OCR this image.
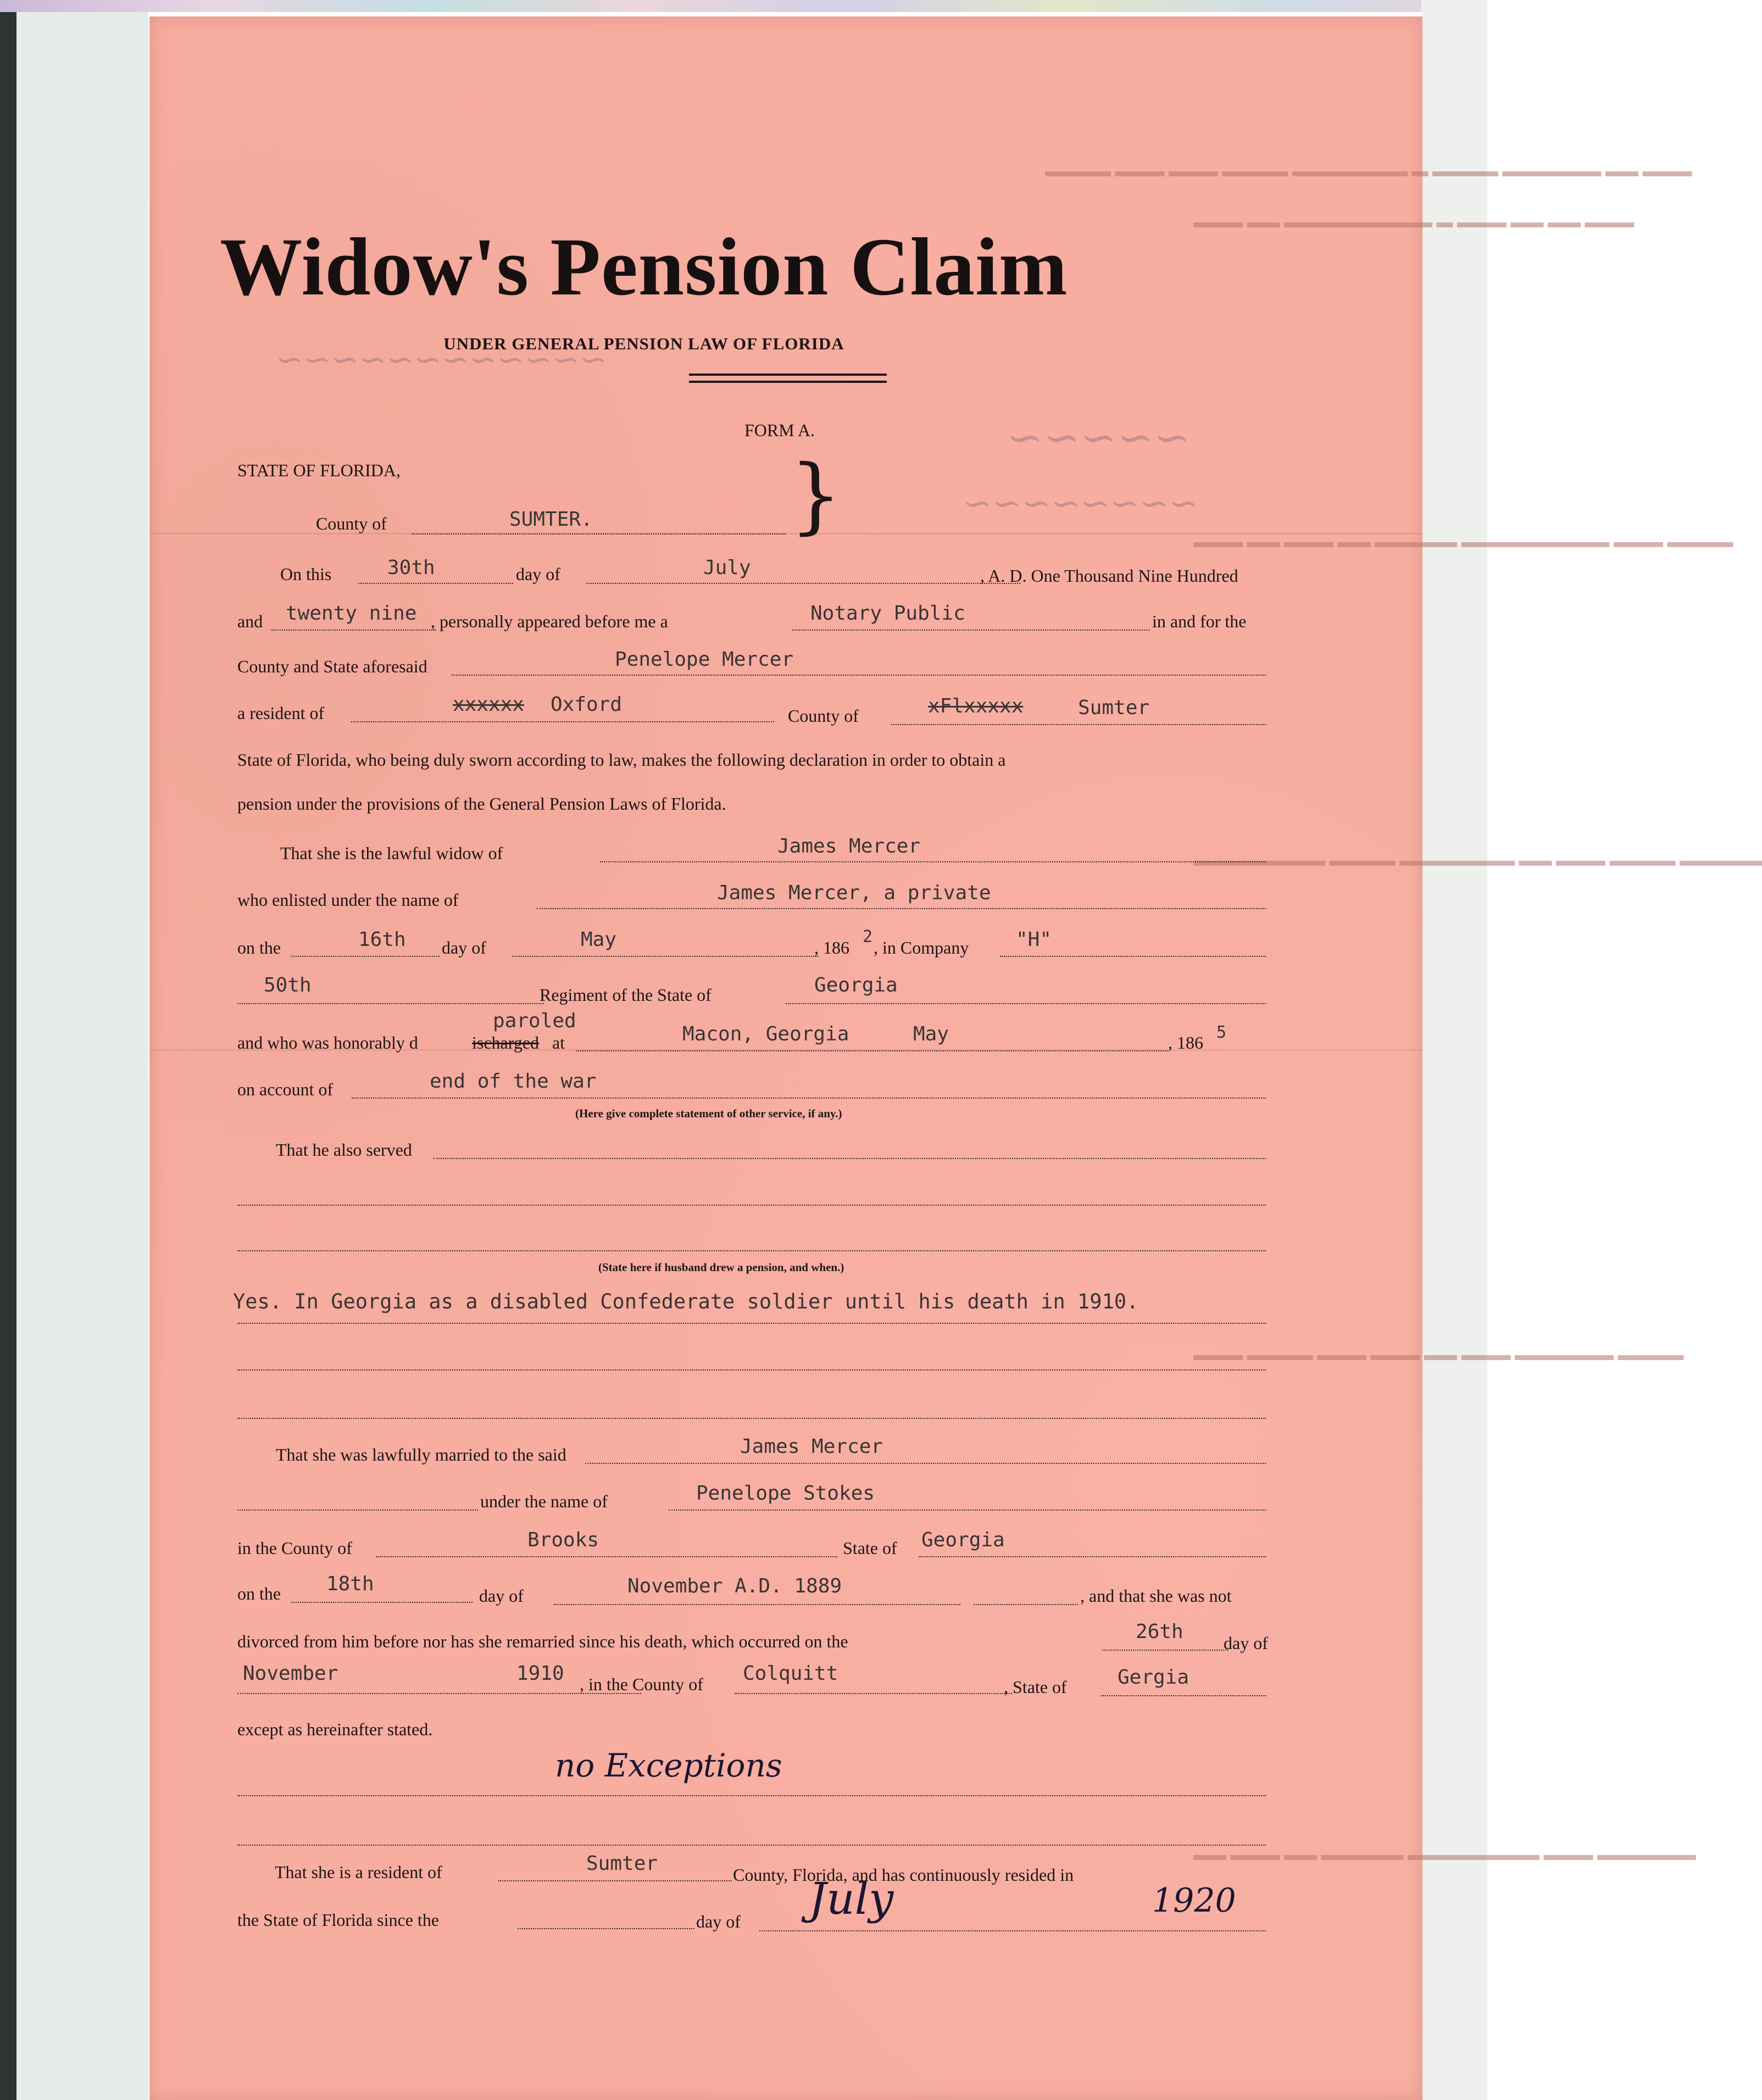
▬▬▬ ▬▬ ▬▬▬▬▬▬ ▬▬▬▬ ▬ ▬▬▬▬▬▬▬ ▬▬▬▬ ▬▬▬ ▬▬▬ ▬▬▬▬
▬▬▬ ▬▬ ▬▬ ▬▬▬ ▬ ▬▬▬▬▬▬▬▬▬ ▬▬ ▬▬▬
▬▬▬▬ ▬▬▬ ▬▬▬▬▬▬▬▬▬ ▬▬▬▬▬ ▬▬ ▬▬▬ ▬▬ ▬▬▬
▬▬▬▬▬ ▬▬▬▬ ▬▬▬ ▬▬ ▬▬▬▬▬▬▬ ▬▬▬▬ ▬▬▬▬▬▬▬▬
▬▬▬▬ ▬▬▬▬▬▬ ▬▬▬ ▬▬ ▬▬▬ ▬▬▬ ▬▬▬▬ ▬▬▬
▬▬▬▬▬▬ ▬▬▬ ▬▬▬▬▬▬▬▬ ▬▬▬▬▬ ▬▬ ▬▬▬ ▬▬
∼∼∼∼∼∼∼∼∼∼∼∼
∼∼∼∼∼
∼∼∼∼∼∼∼∼
Widow's Pension Claim
UNDER GENERAL PENSION LAW OF FLORIDA
FORM A.
STATE OF FLORIDA,	}
County of	SUMTER.
On this	30th	day of	July	, A. D. One Thousand Nine Hundred
and twenty nine , personally appeared before me a	Notary Public	in and for the
County and State aforesaid	Penelope Mercer
a resident of	xxxxxx Oxford	County of	xFlxxxxx	Sumter
State of Florida, who being duly sworn according to law, makes the following declaration in order to obtain a
pension under the provisions of the General Pension Laws of Florida.
That she is the lawful widow of	James Mercer
who enlisted under the name of	James Mercer, a private
on the	16th day of	May	, 186
2
, in Company "H"
50th	Regiment of the State of	Georgia
paroled
and who was honorably d	ischarged at	Macon, Georgia	May	, 186
5
on account of	end of the war
(Here give complete statement of other service, if any.)
That he also served
(State here if husband drew a pension, and when.)
Yes. In Georgia as a disabled Confederate soldier until his death in 1910.
That she was lawfully married to the said	James Mercer
under the name of	Penelope Stokes
in the County of	Brooks	State of Georgia
on the 18th
day of	November A.D. 1889	, and that she was not
divorced from him before nor has she remarried since his death, which occurred on the	26th day of
November	1910 , in the County of Colquitt
, State of	Gergia
except as hereinafter stated.
no Exceptions
That she is a resident of	Sumter	County, Florida, and has continuously resided in
the State of Florida since the	day of July	1920
